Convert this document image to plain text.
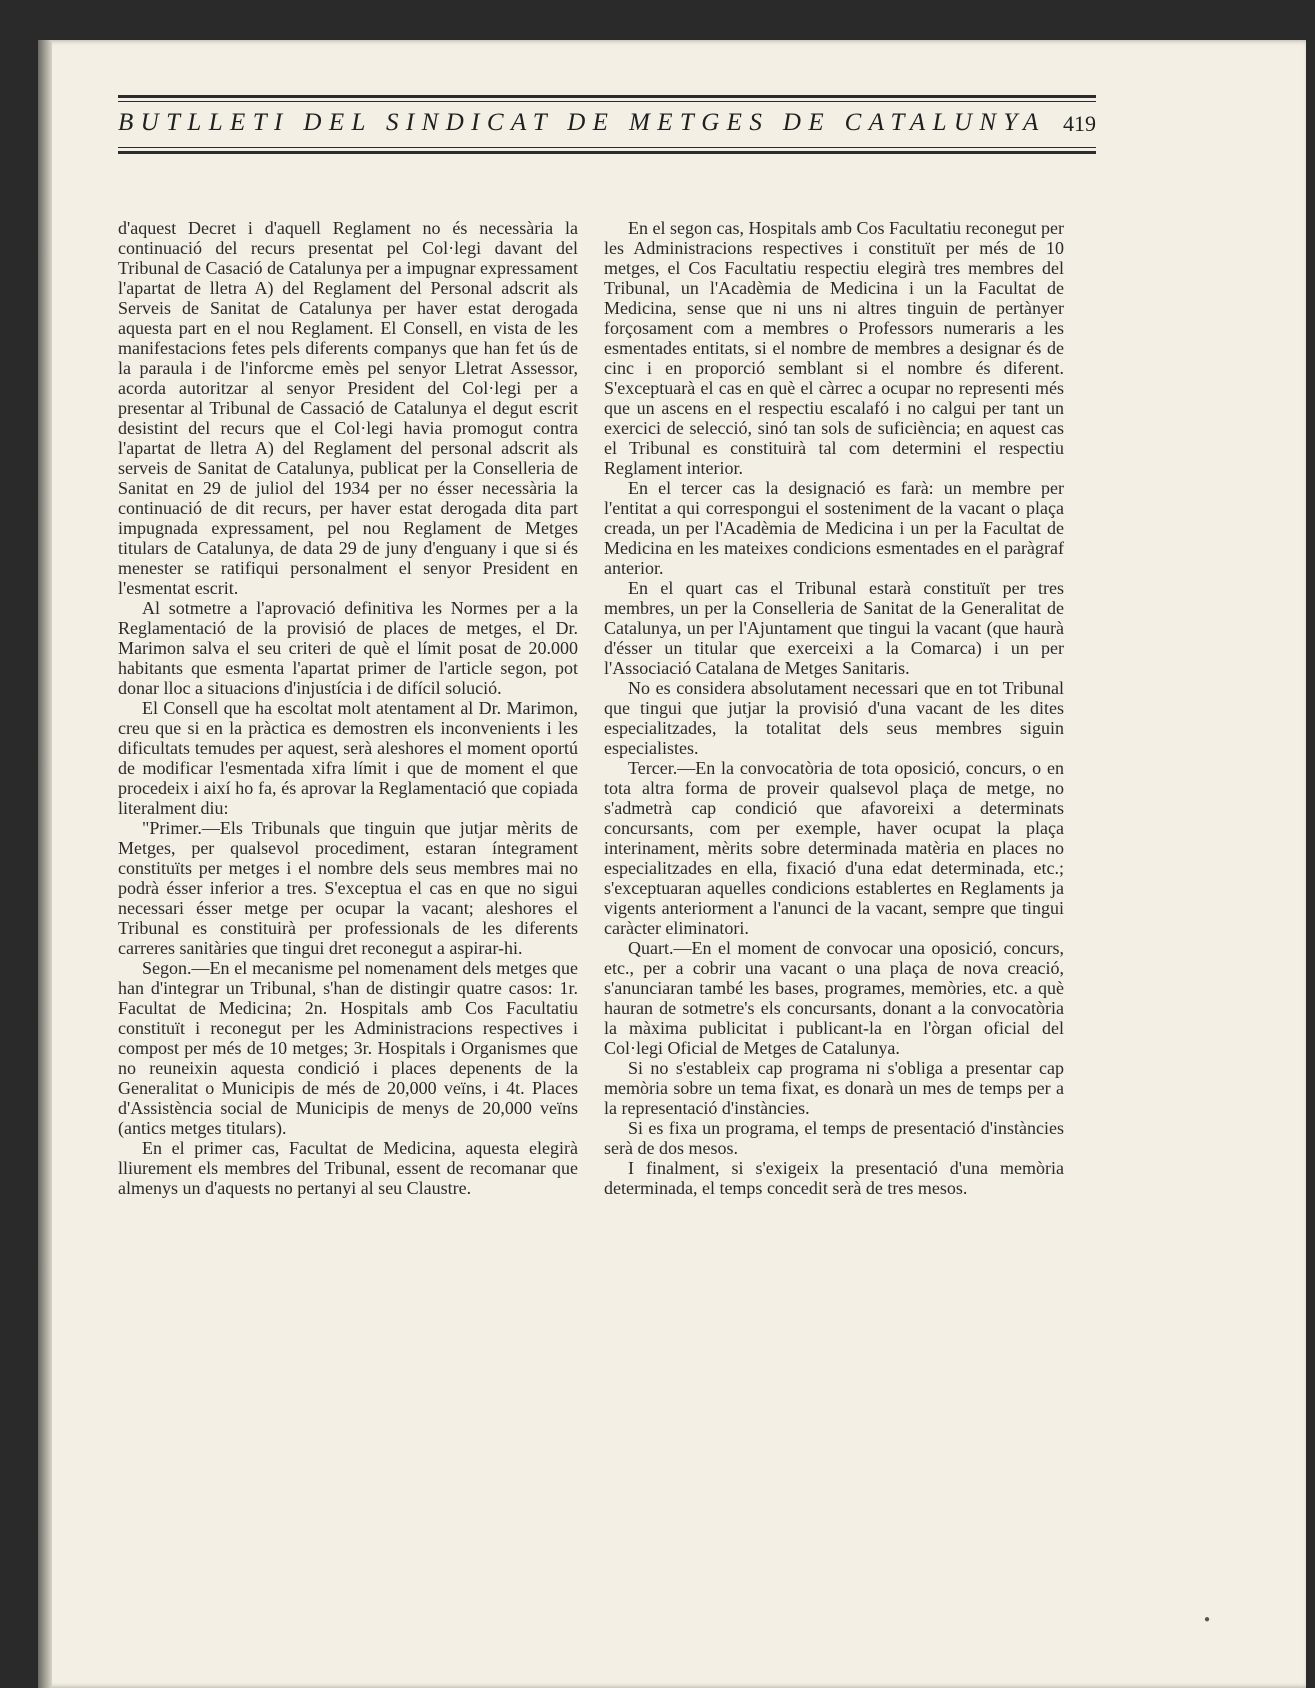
BUTLLETI DEL SINDICAT DE METGES DE CATALUNYA 419

d'aquest Decret i d'aquell Reglament no és necessària la continuació del recurs presentat pel Col·legi davant del Tribunal de Casació de Catalunya per a impugnar expressament l'apartat de lletra A) del Reglament del Personal adscrit als Serveis de Sanitat de Catalunya per haver estat derogada aquesta part en el nou Reglament. El Consell, en vista de les manifestacions fetes pels diferents companys que han fet ús de la paraula i de l'inforcme emès pel senyor Lletrat Assessor, acorda autoritzar al senyor President del Col·legi per a presentar al Tribunal de Cassació de Catalunya el degut escrit desistint del recurs que el Col·legi havia promogut contra l'apartat de lletra A) del Reglament del personal adscrit als serveis de Sanitat de Catalunya, publicat per la Conselleria de Sanitat en 29 de juliol del 1934 per no ésser necessària la continuació de dit recurs, per haver estat derogada dita part impugnada expressament, pel nou Reglament de Metges titulars de Catalunya, de data 29 de juny d'enguany i que si és menester se ratifiqui personalment el senyor President en l'esmentat escrit.

Al sotmetre a l'aprovació definitiva les Normes per a la Reglamentació de la provisió de places de metges, el Dr. Marimon salva el seu criteri de què el límit posat de 20.000 habitants que esmenta l'apartat primer de l'article segon, pot donar lloc a situacions d'injustícia i de difícil solució.

El Consell que ha escoltat molt atentament al Dr. Marimon, creu que si en la pràctica es demostren els inconvenients i les dificultats temudes per aquest, serà aleshores el moment oportú de modificar l'esmentada xifra límit i que de moment el que procedeix i així ho fa, és aprovar la Reglamentació que copiada literalment diu:

"Primer.—Els Tribunals que tinguin que jutjar mèrits de Metges, per qualsevol procediment, estaran íntegrament constituïts per metges i el nombre dels seus membres mai no podrà ésser inferior a tres. S'exceptua el cas en que no sigui necessari ésser metge per ocupar la vacant; aleshores el Tribunal es constituirà per professionals de les diferents carreres sanitàries que tingui dret reconegut a aspirar-hi.

Segon.—En el mecanisme pel nomenament dels metges que han d'integrar un Tribunal, s'han de distingir quatre casos: 1r. Facultat de Medicina; 2n. Hospitals amb Cos Facultatiu constituït i reconegut per les Administracions respectives i compost per més de 10 metges; 3r. Hospitals i Organismes que no reuneixin aquesta condició i places depenents de la Generalitat o Municipis de més de 20,000 veïns, i 4t. Places d'Assistència social de Municipis de menys de 20,000 veïns (antics metges titulars).

En el primer cas, Facultat de Medicina, aquesta elegirà lliurement els membres del Tribunal, essent de recomanar que almenys un d'aquests no pertanyi al seu Claustre.

En el segon cas, Hospitals amb Cos Facultatiu reconegut per les Administracions respectives i constituït per més de 10 metges, el Cos Facultatiu respectiu elegirà tres membres del Tribunal, un l'Acadèmia de Medicina i un la Facultat de Medicina, sense que ni uns ni altres tinguin de pertànyer forçosament com a membres o Professors numeraris a les esmentades entitats, si el nombre de membres a designar és de cinc i en proporció semblant si el nombre és diferent. S'exceptuarà el cas en què el càrrec a ocupar no representi més que un ascens en el respectiu escalafó i no calgui per tant un exercici de selecció, sinó tan sols de suficiència; en aquest cas el Tribunal es constituirà tal com determini el respectiu Reglament interior.

En el tercer cas la designació es farà: un membre per l'entitat a qui correspongui el sosteniment de la vacant o plaça creada, un per l'Acadèmia de Medicina i un per la Facultat de Medicina en les mateixes condicions esmentades en el paràgraf anterior.

En el quart cas el Tribunal estarà constituït per tres membres, un per la Conselleria de Sanitat de la Generalitat de Catalunya, un per l'Ajuntament que tingui la vacant (que haurà d'ésser un titular que exerceixi a la Comarca) i un per l'Associació Catalana de Metges Sanitaris.

No es considera absolutament necessari que en tot Tribunal que tingui que jutjar la provisió d'una vacant de les dites especialitzades, la totalitat dels seus membres siguin especialistes.

Tercer.—En la convocatòria de tota oposició, concurs, o en tota altra forma de proveir qualsevol plaça de metge, no s'admetrà cap condició que afavoreixi a determinats concursants, com per exemple, haver ocupat la plaça interinament, mèrits sobre determinada matèria en places no especialitzades en ella, fixació d'una edat determinada, etc.; s'exceptuaran aquelles condicions establertes en Reglaments ja vigents anteriorment a l'anunci de la vacant, sempre que tingui caràcter eliminatori.

Quart.—En el moment de convocar una oposició, concurs, etc., per a cobrir una vacant o una plaça de nova creació, s'anunciaran també les bases, programes, memòries, etc. a què hauran de sotmetre's els concursants, donant a la convocatòria la màxima publicitat i publicant-la en l'òrgan oficial del Col·legi Oficial de Metges de Catalunya.

Si no s'estableix cap programa ni s'obliga a presentar cap memòria sobre un tema fixat, es donarà un mes de temps per a la representació d'instàncies.

Si es fixa un programa, el temps de presentació d'instàncies serà de dos mesos.

I finalment, si s'exigeix la presentació d'una memòria determinada, el temps concedit serà de tres mesos.

●
